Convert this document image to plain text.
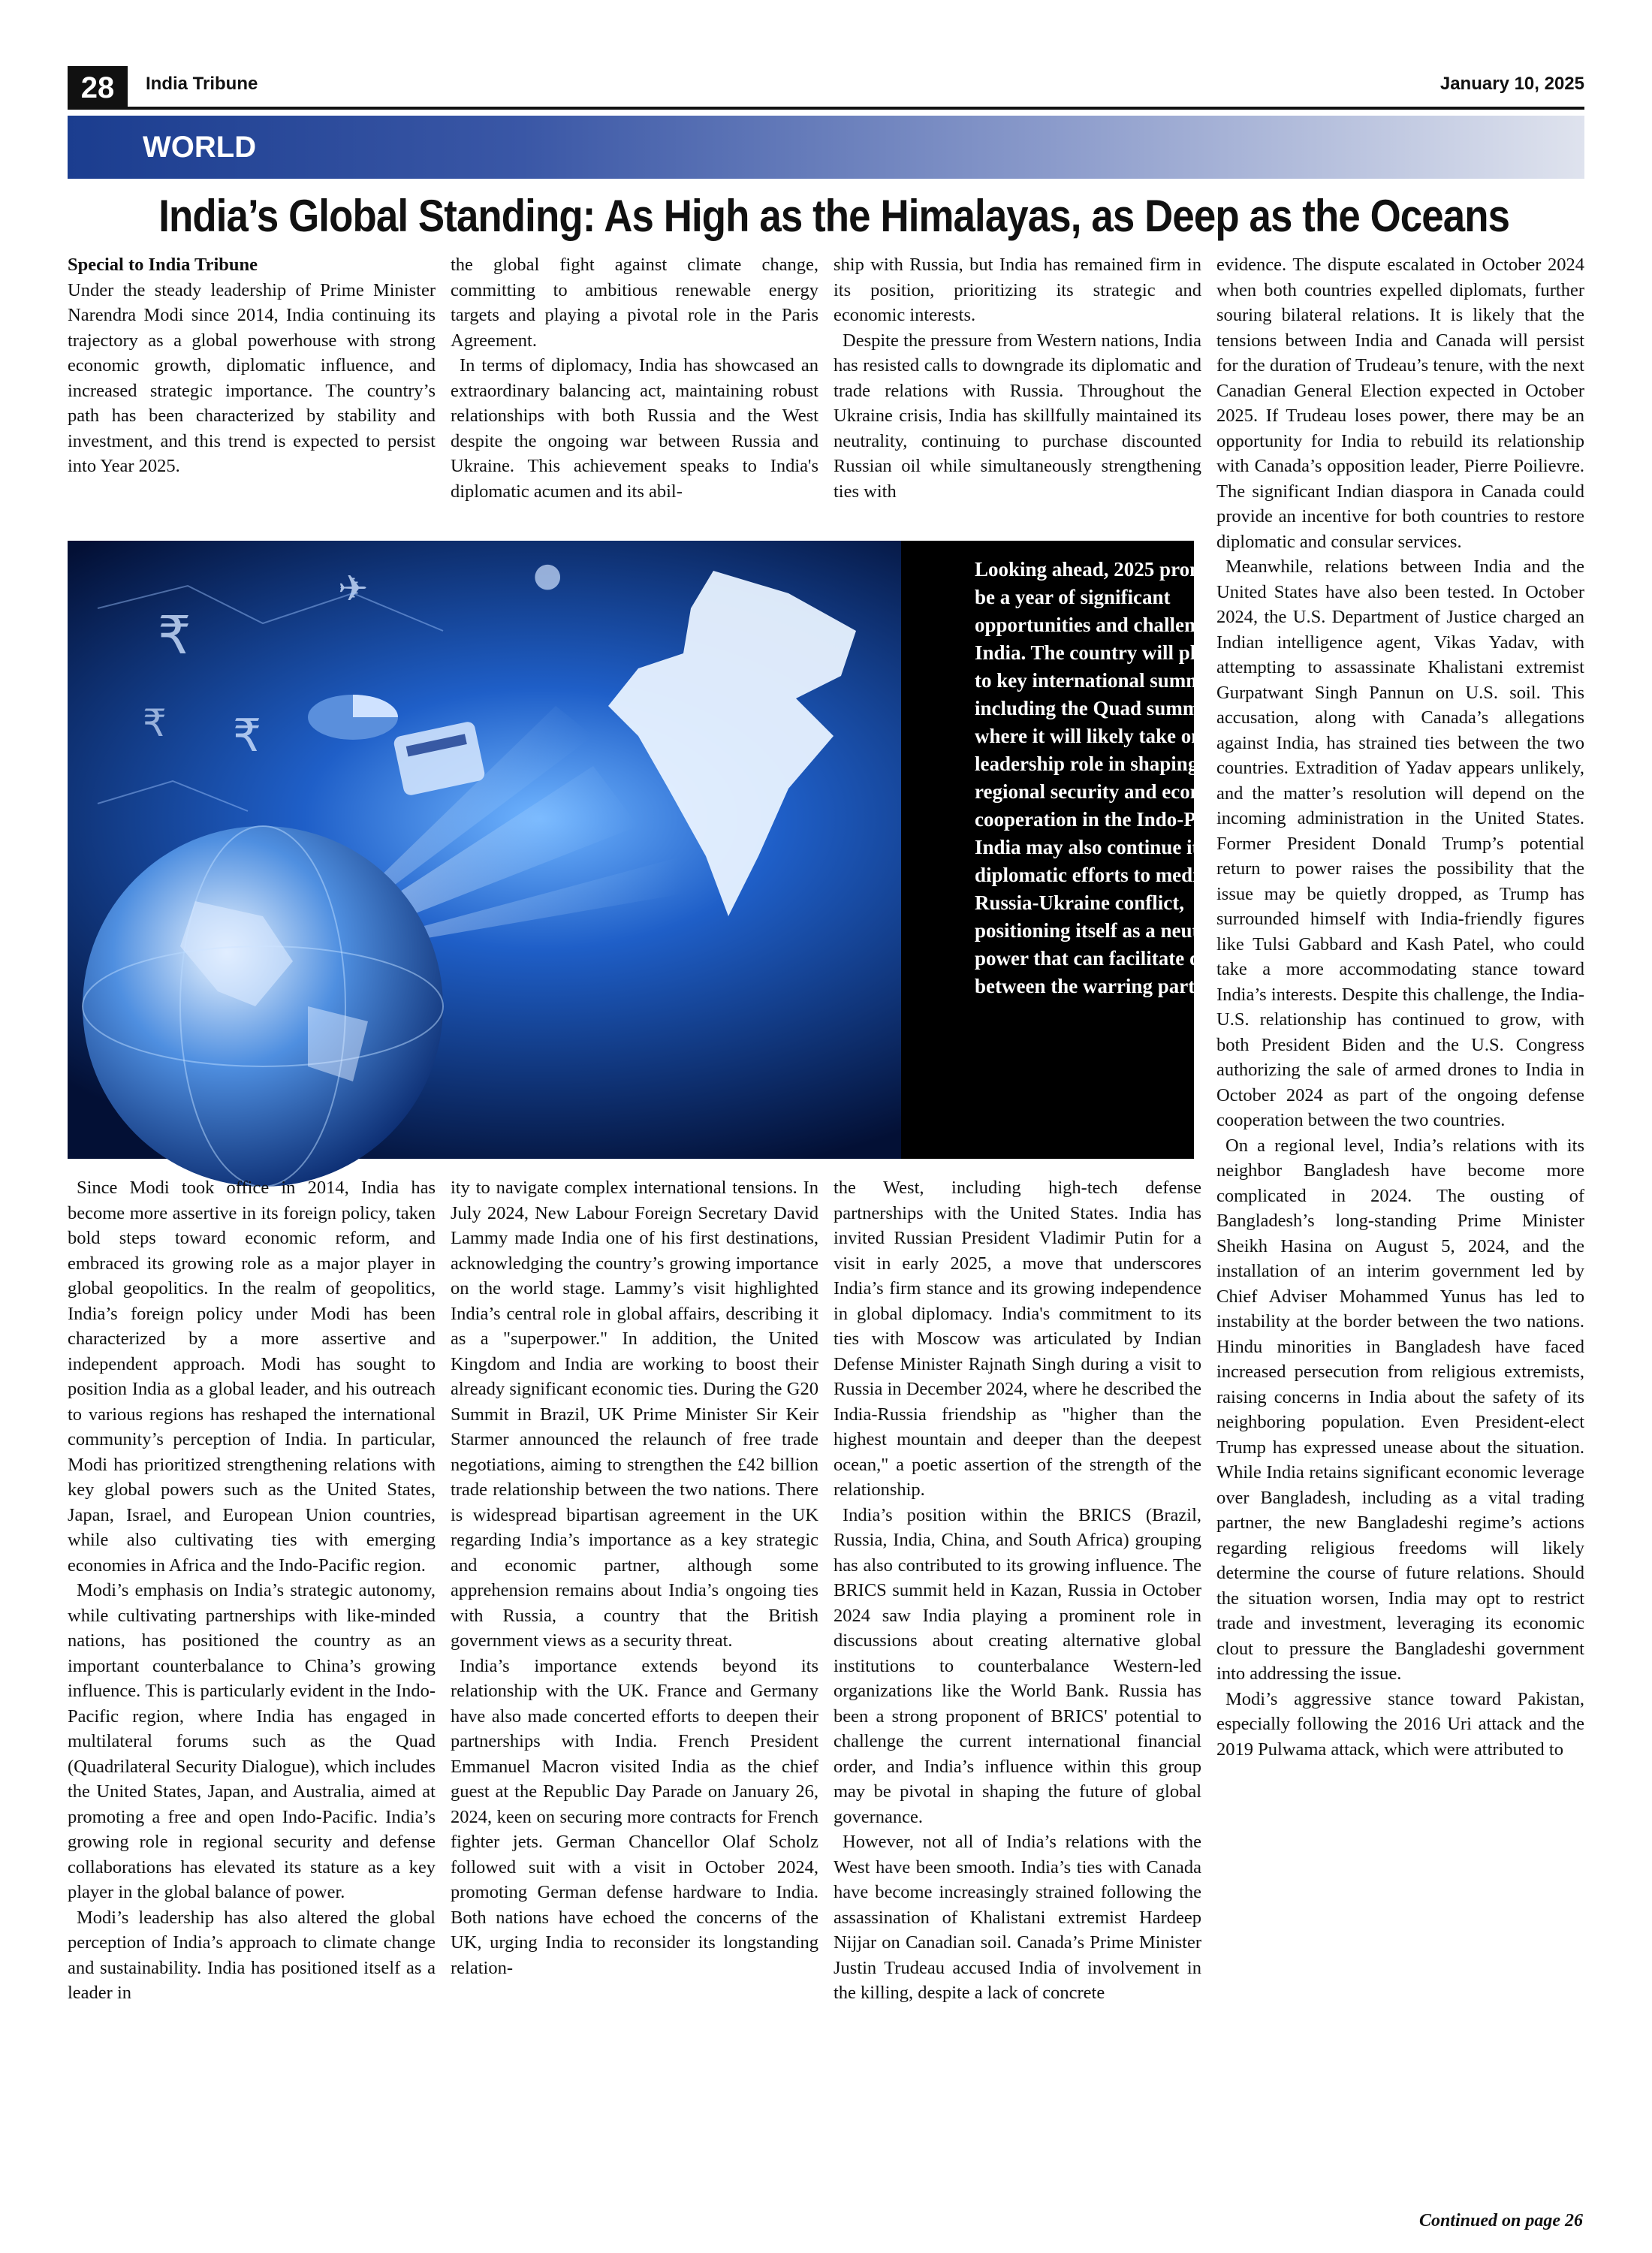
28	India Tribune	January 10, 2025
WORLD
India’s Global Standing: As High as the Himalayas, as Deep as the Oceans
Special to India Tribune

Under the steady leadership of Prime Minister Narendra Modi since 2014, India continuing its trajectory as a global powerhouse with strong economic growth, diplomatic influence, and increased strategic importance. The country’s path has been characterized by stability and investment, and this trend is expected to persist into Year 2025.

the global fight against climate change, committing to ambitious renewable energy targets and playing a pivotal role in the Paris Agreement.

In terms of diplomacy, India has showcased an extraordinary balancing act, maintaining robust relationships with both Russia and the West despite the ongoing war between Russia and Ukraine. This achievement speaks to India's diplomatic acumen and its abil-

ship with Russia, but India has remained firm in its position, prioritizing its strategic and economic interests.

Despite the pressure from Western nations, India has resisted calls to downgrade its diplomatic and trade relations with Russia. Throughout the Ukraine crisis, India has skillfully maintained its neutrality, continuing to purchase discounted Russian oil while simultaneously strengthening ties with

₹
₹
₹
✈	●	Looking ahead, 2025 promises to be a year of significant opportunities and challenges for India. The country will play host to key international summits, including the Quad summit, where it will likely take on a leadership role in shaping regional security and economic cooperation in the Indo-Pacific. India may also continue its diplomatic efforts to mediate the Russia-Ukraine conflict, positioning itself as a neutral power that can facilitate dialogue between the warring parties.

Since Modi took office in 2014, India has become more assertive in its foreign policy, taken bold steps toward economic reform, and embraced its growing role as a major player in global geopolitics. In the realm of geopolitics, India’s foreign policy under Modi has been characterized by a more assertive and independent approach. Modi has sought to position India as a global leader, and his outreach to various regions has reshaped the international community’s perception of India. In particular, Modi has prioritized strengthening relations with key global powers such as the United States, Japan, Israel, and European Union countries, while also cultivating ties with emerging economies in Africa and the Indo-Pacific region.

Modi’s emphasis on India’s strategic autonomy, while cultivating partnerships with like-minded nations, has positioned the country as an important counterbalance to China’s growing influence. This is particularly evident in the Indo-Pacific region, where India has engaged in multilateral forums such as the Quad (Quadrilateral Security Dialogue), which includes the United States, Japan, and Australia, aimed at promoting a free and open Indo-Pacific. India’s growing role in regional security and defense collaborations has elevated its stature as a key player in the global balance of power.

Modi’s leadership has also altered the global perception of India’s approach to climate change and sustainability. India has positioned itself as a leader in

ity to navigate complex international tensions. In July 2024, New Labour Foreign Secretary David Lammy made India one of his first destinations, acknowledging the country’s growing importance on the world stage. Lammy’s visit highlighted India’s central role in global affairs, describing it as a "superpower." In addition, the United Kingdom and India are working to boost their already significant economic ties. During the G20 Summit in Brazil, UK Prime Minister Sir Keir Starmer announced the relaunch of free trade negotiations, aiming to strengthen the £42 billion trade relationship between the two nations. There is widespread bipartisan agreement in the UK regarding India’s importance as a key strategic and economic partner, although some apprehension remains about India’s ongoing ties with Russia, a country that the British government views as a security threat.

India’s importance extends beyond its relationship with the UK. France and Germany have also made concerted efforts to deepen their partnerships with India. French President Emmanuel Macron visited India as the chief guest at the Republic Day Parade on January 26, 2024, keen on securing more contracts for French fighter jets. German Chancellor Olaf Scholz followed suit with a visit in October 2024, promoting German defense hardware to India. Both nations have echoed the concerns of the UK, urging India to reconsider its longstanding relation-

the West, including high-tech defense partnerships with the United States. India has invited Russian President Vladimir Putin for a visit in early 2025, a move that underscores India’s firm stance and its growing independence in global diplomacy. India's commitment to its ties with Moscow was articulated by Indian Defense Minister Rajnath Singh during a visit to Russia in December 2024, where he described the India-Russia friendship as "higher than the highest mountain and deeper than the deepest ocean," a poetic assertion of the strength of the relationship.

India’s position within the BRICS (Brazil, Russia, India, China, and South Africa) grouping has also contributed to its growing influence. The BRICS summit held in Kazan, Russia in October 2024 saw India playing a prominent role in discussions about creating alternative global institutions to counterbalance Western-led organizations like the World Bank. Russia has been a strong proponent of BRICS' potential to challenge the current international financial order, and India’s influence within this group may be pivotal in shaping the future of global governance.

However, not all of India’s relations with the West have been smooth. India’s ties with Canada have become increasingly strained following the assassination of Khalistani extremist Hardeep Nijjar on Canadian soil. Canada’s Prime Minister Justin Trudeau accused India of involvement in the killing, despite a lack of concrete

evidence. The dispute escalated in October 2024 when both countries expelled diplomats, further souring bilateral relations. It is likely that the tensions between India and Canada will persist for the duration of Trudeau’s tenure, with the next Canadian General Election expected in October 2025. If Trudeau loses power, there may be an opportunity for India to rebuild its relationship with Canada’s opposition leader, Pierre Poilievre. The significant Indian diaspora in Canada could provide an incentive for both countries to restore diplomatic and consular services.

Meanwhile, relations between India and the United States have also been tested. In October 2024, the U.S. Department of Justice charged an Indian intelligence agent, Vikas Yadav, with attempting to assassinate Khalistani extremist Gurpatwant Singh Pannun on U.S. soil. This accusation, along with Canada’s allegations against India, has strained ties between the two countries. Extradition of Yadav appears unlikely, and the matter’s resolution will depend on the incoming administration in the United States. Former President Donald Trump’s potential return to power raises the possibility that the issue may be quietly dropped, as Trump has surrounded himself with India-friendly figures like Tulsi Gabbard and Kash Patel, who could take a more accommodating stance toward India’s interests. Despite this challenge, the India-U.S. relationship has continued to grow, with both President Biden and the U.S. Congress authorizing the sale of armed drones to India in October 2024 as part of the ongoing defense cooperation between the two countries.

On a regional level, India’s relations with its neighbor Bangladesh have become more complicated in 2024. The ousting of Bangladesh’s long-standing Prime Minister Sheikh Hasina on August 5, 2024, and the installation of an interim government led by Chief Adviser Mohammed Yunus has led to instability at the border between the two nations. Hindu minorities in Bangladesh have faced increased persecution from religious extremists, raising concerns in India about the safety of its neighboring population. Even President-elect Trump has expressed unease about the situation. While India retains significant economic leverage over Bangladesh, including as a vital trading partner, the new Bangladeshi regime’s actions regarding religious freedoms will likely determine the course of future relations. Should the situation worsen, India may opt to restrict trade and investment, leveraging its economic clout to pressure the Bangladeshi government into addressing the issue.

Modi’s aggressive stance toward Pakistan, especially following the 2016 Uri attack and the 2019 Pulwama attack, which were attributed to

Continued on page 26
